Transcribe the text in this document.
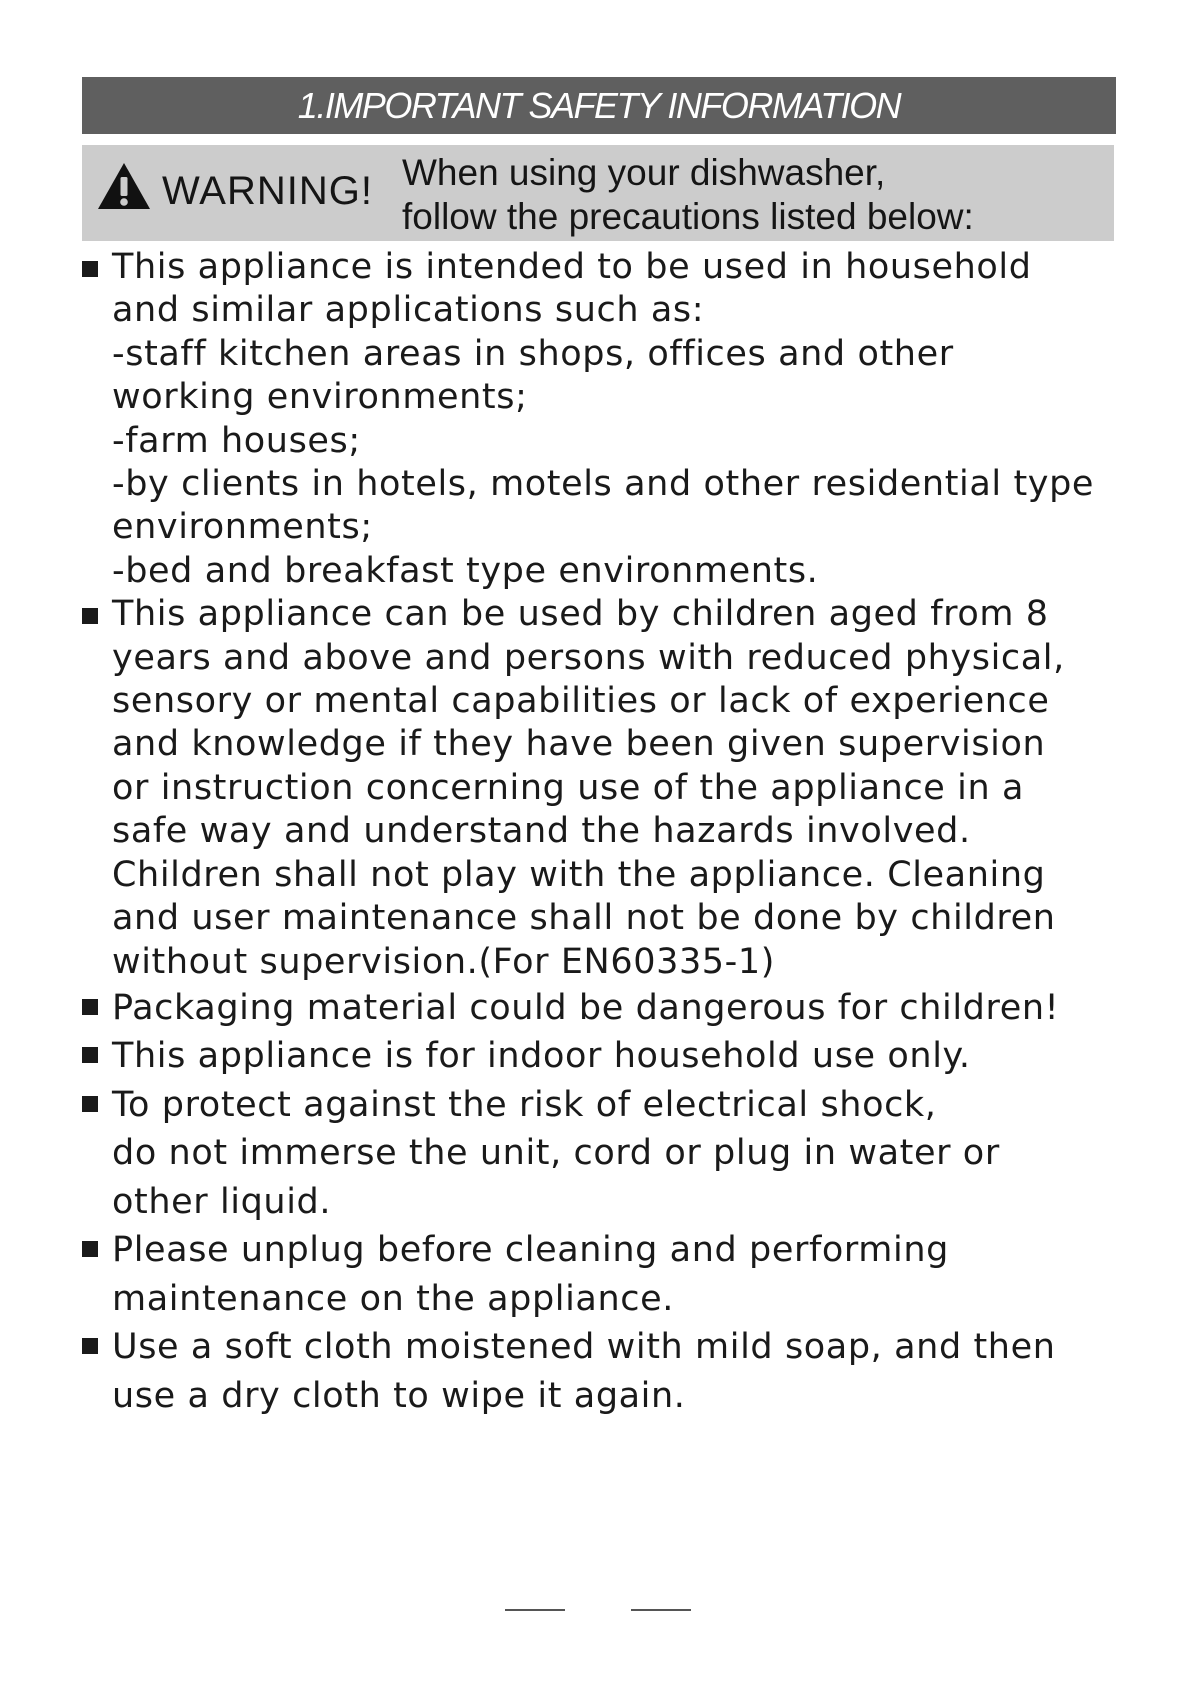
1.IMPORTANT SAFETY INFORMATION
WARNING! When using your dishwasher,
follow the precautions listed below:
This appliance is intended to be used in household
and similar applications such as:
-staff kitchen areas in shops, offices and other
working environments;
-farm houses;
-by clients in hotels, motels and other residential type
environments;
-bed and breakfast type environments.
This appliance can be used by children aged from 8
years and above and persons with reduced physical,
sensory or mental capabilities or lack of experience
and knowledge if they have been given supervision
or instruction concerning use of the appliance in a
safe way and understand the hazards involved.
Children shall not play with the appliance. Cleaning
and user maintenance shall not be done by children
without supervision.(For EN60335-1)
Packaging material could be dangerous for children!
This appliance is for indoor household use only.
To protect against the risk of electrical shock,
do not immerse the unit, cord or plug in water or
other liquid.
Please unplug before cleaning and performing
maintenance on the appliance.
Use a soft cloth moistened with mild soap, and then
use a dry cloth to wipe it again.
